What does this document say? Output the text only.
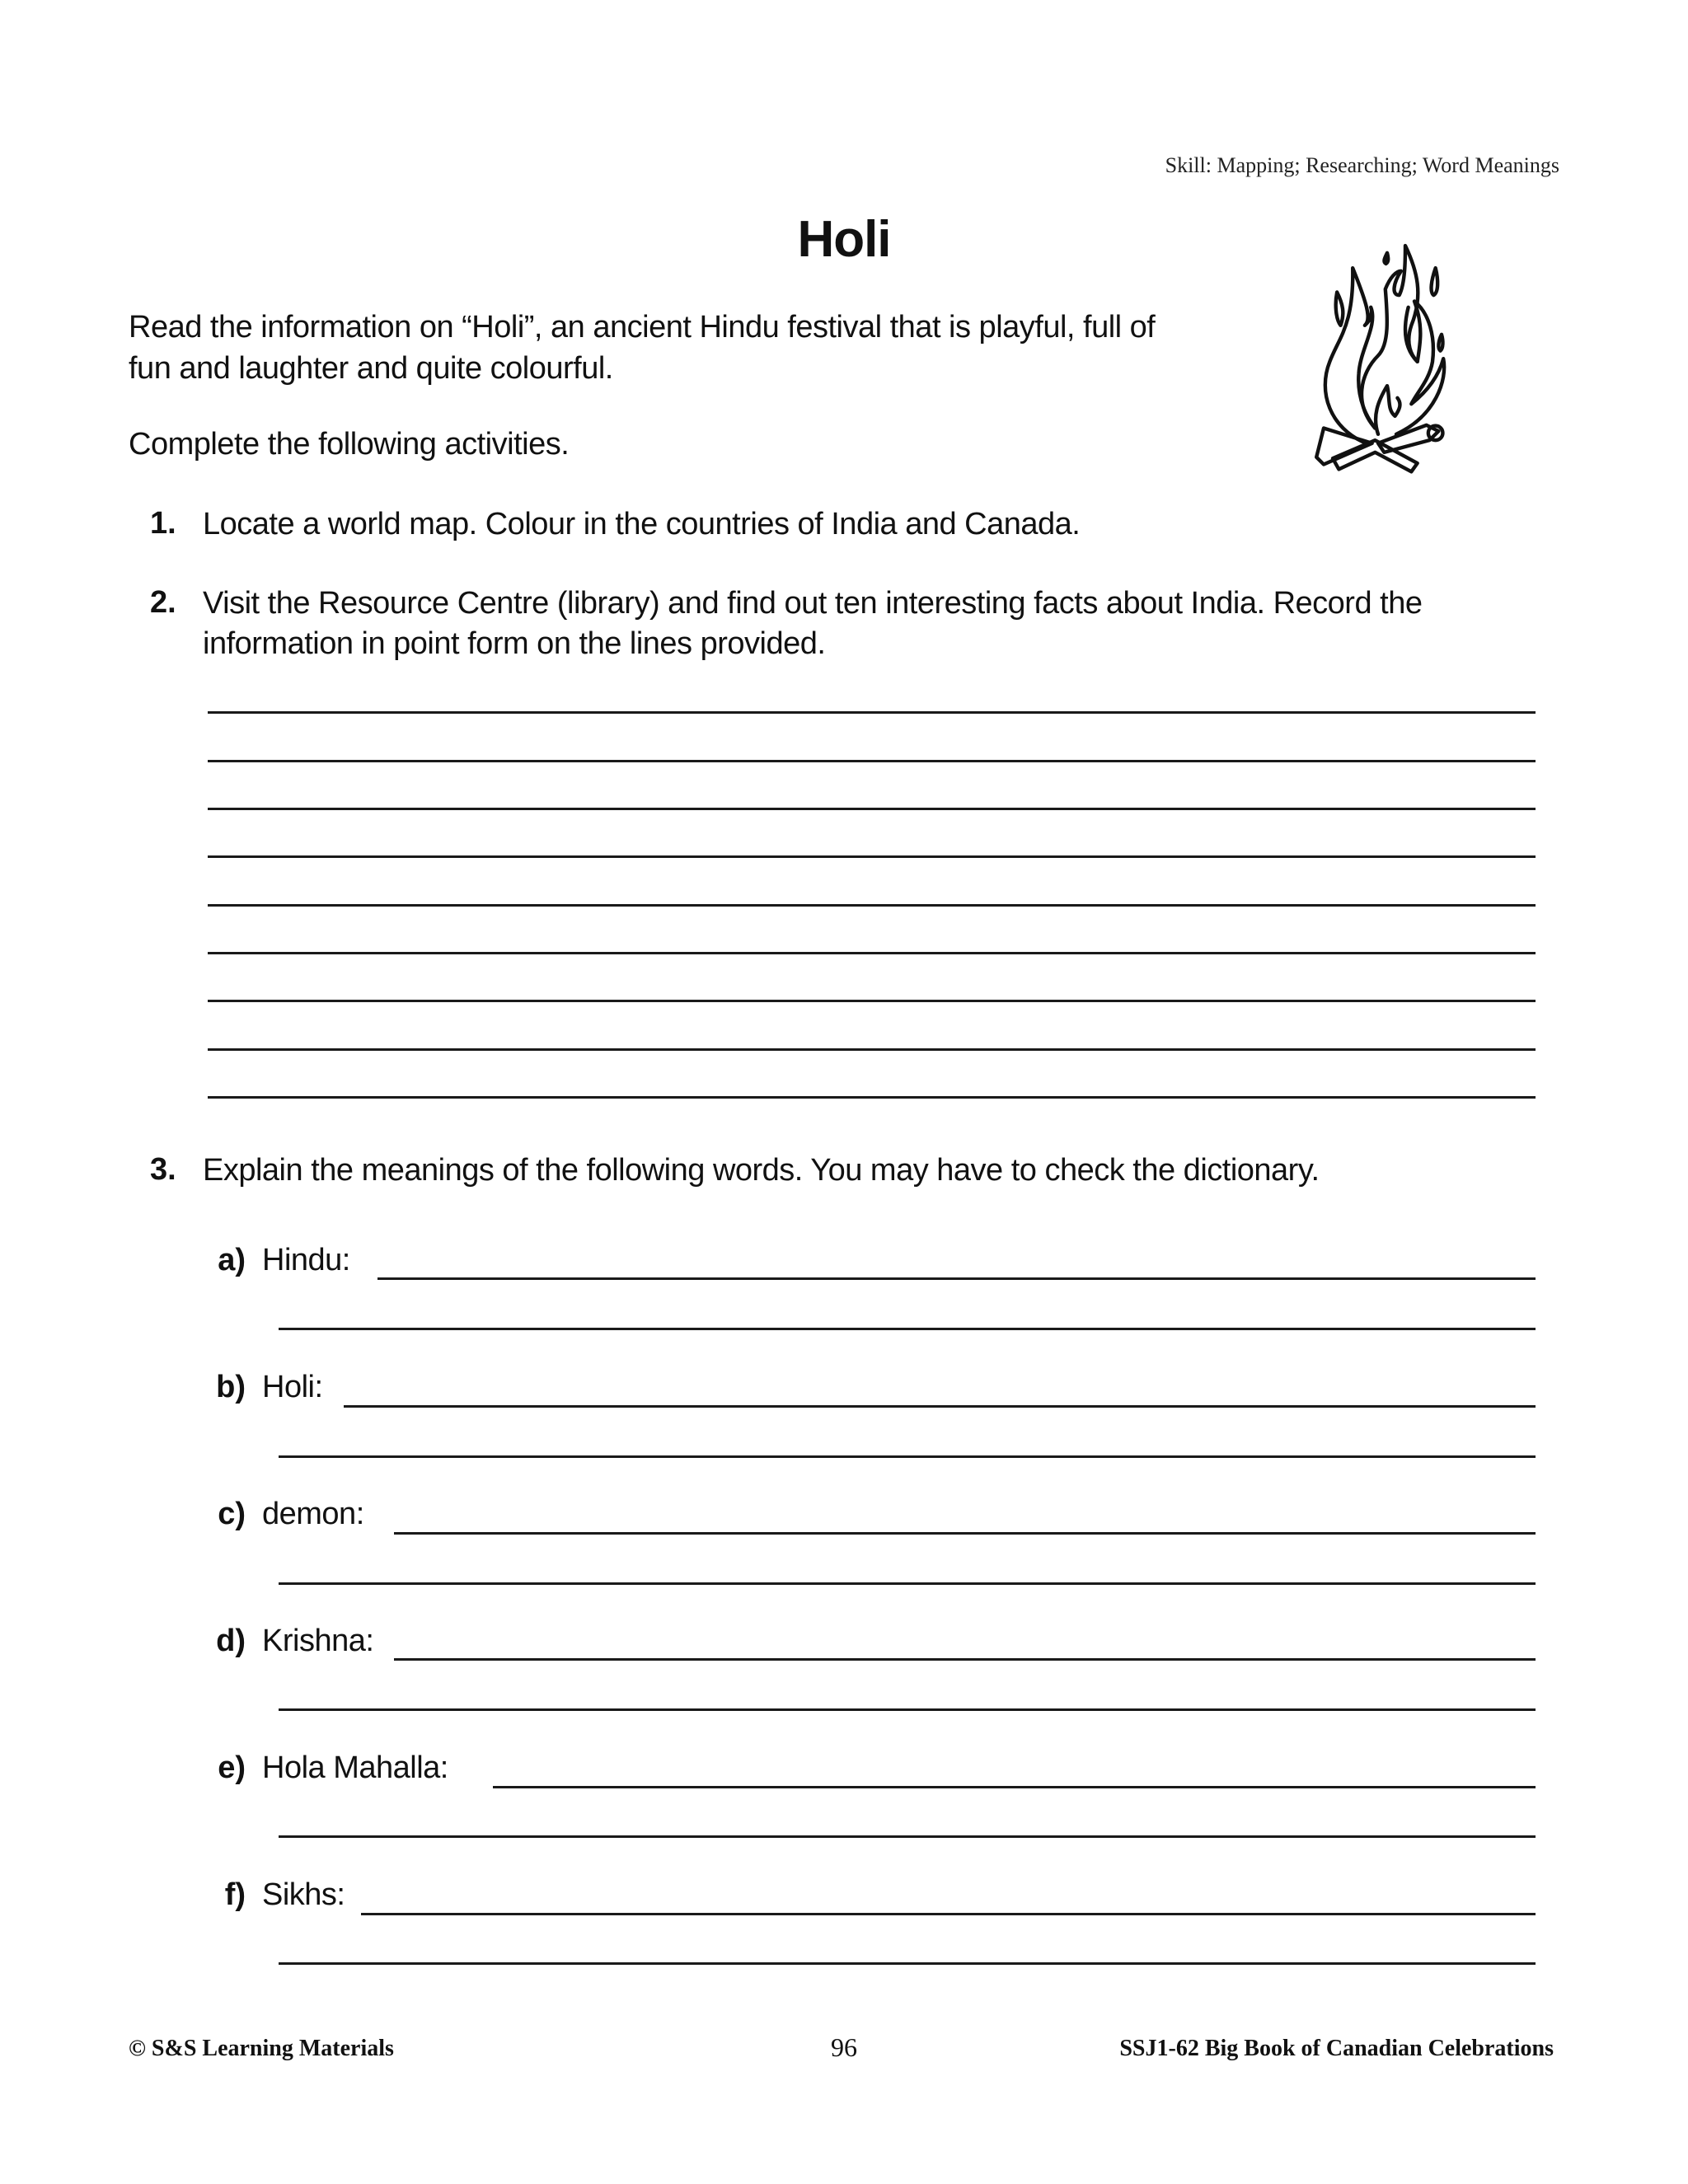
Skill: Mapping; Researching; Word Meanings
Holi
Read the information on “Holi”, an ancient Hindu festival that is playful, full of fun and laughter and quite colourful.
Complete the following activities.
1. Locate a world map. Colour in the countries of India and Canada.
2. Visit the Resource Centre (library) and find out ten interesting facts about India. Record the information in point form on the lines provided.
3. Explain the meanings of the following words. You may have to check the dictionary.
a) Hindu:
b) Holi:
c) demon:
d) Krishna:
e) Hola Mahalla:
f) Sikhs:
© S&S Learning Materials	96	SSJ1-62 Big Book of Canadian Celebrations
